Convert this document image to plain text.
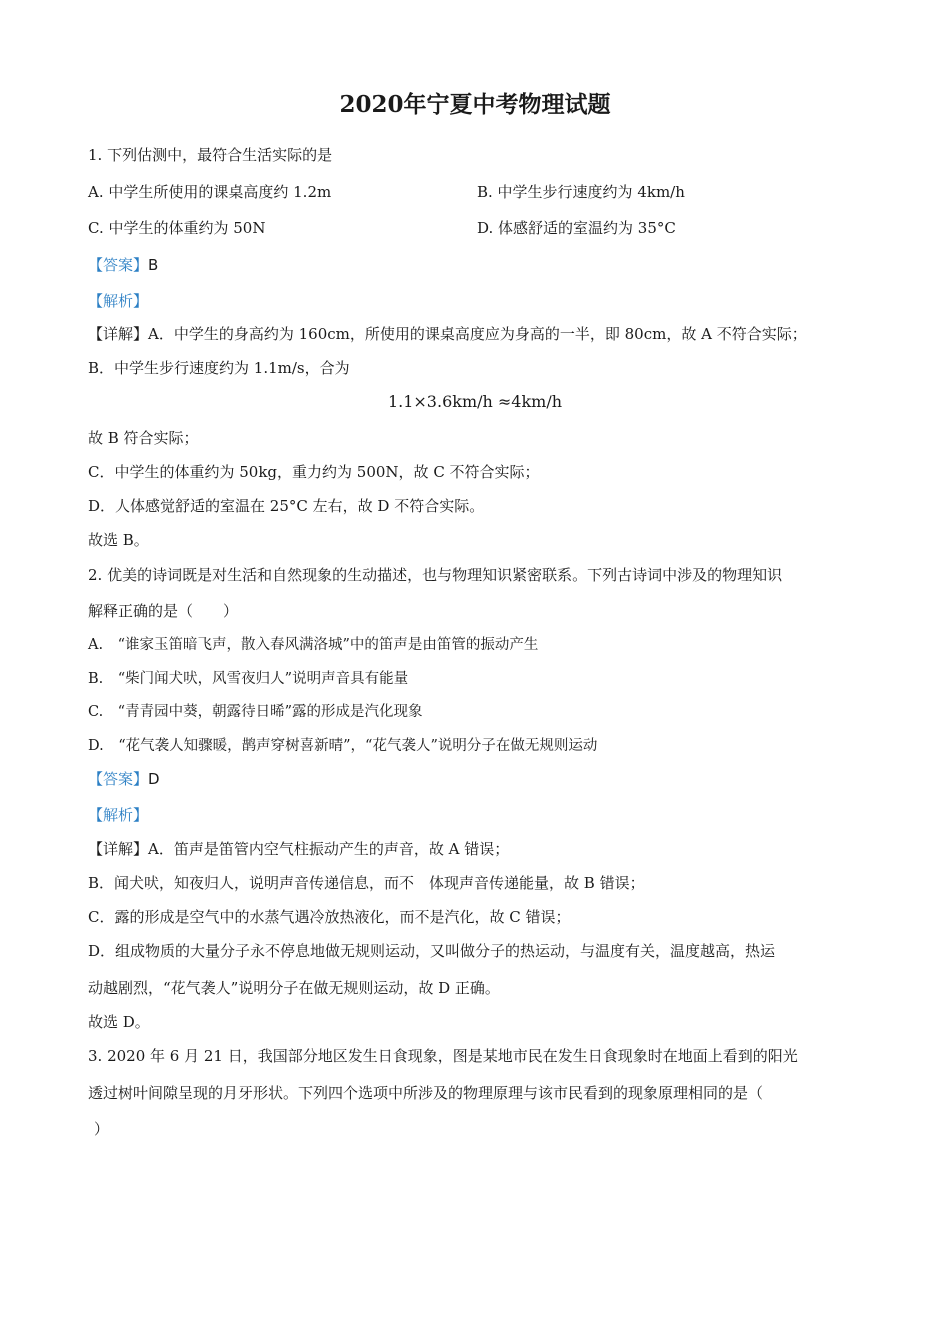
2020年宁夏中考物理试题
1. 下列估测中，最符合生活实际的是
A. 中学生所使用的课桌高度约 1.2m	B. 中学生步行速度约为 4km/h
C. 中学生的体重约为 50N	D. 体感舒适的室温约为 35°C
【答案】B
【解析】
【详解】A．中学生的身高约为 160cm，所使用的课桌高度应为身高的一半，即 80cm，故 A 不符合实际；
B．中学生步行速度约为 1.1m/s，合为
1.1×3.6km/h ≈4km/h
故 B 符合实际；
C．中学生的体重约为 50kg，重力约为 500N，故 C 不符合实际；
D．人体感觉舒适的室温在 25°C 左右，故 D 不符合实际。
故选 B。
2. 优美的诗词既是对生活和自然现象的生动描述，也与物理知识紧密联系。下列古诗词中涉及的物理知识
解释正确的是（　　）
A.　“谁家玉笛暗飞声，散入春风满洛城”中的笛声是由笛管的振动产生
B.　“柴门闻犬吠，风雪夜归人”说明声音具有能量
C.　“青青园中葵，朝露待日晞”露的形成是汽化现象
D.　“花气袭人知骤暖，鹊声穿树喜新晴”，“花气袭人”说明分子在做无规则运动
【答案】D
【解析】
【详解】A．笛声是笛管内空气柱振动产生的声音，故 A 错误；
B．闻犬吠，知夜归人，说明声音传递信息，而不　体现声音传递能量，故 B 错误；
C．露的形成是空气中的水蒸气遇冷放热液化，而不是汽化，故 C 错误；
D．组成物质的大量分子永不停息地做无规则运动，又叫做分子的热运动，与温度有关，温度越高，热运
动越剧烈，“花气袭人”说明分子在做无规则运动，故 D 正确。
故选 D。
3. 2020 年 6 月 21 日，我国部分地区发生日食现象，图是某地市民在发生日食现象时在地面上看到的阳光
透过树叶间隙呈现的月牙形状。下列四个选项中所涉及的物理原理与该市民看到的现象原理相同的是（
）
